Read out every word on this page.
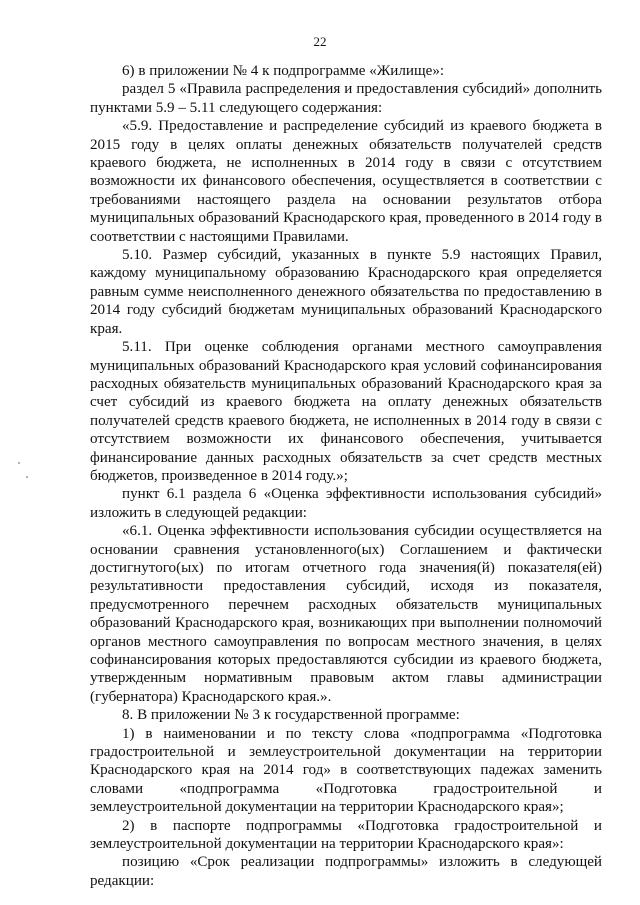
22

6) в приложении № 4 к подпрограмме «Жилище»:

раздел 5 «Правила распределения и предоставления субсидий» дополнить пунктами 5.9 – 5.11 следующего содержания:

«5.9. Предоставление и распределение субсидий из краевого бюджета в 2015 году в целях оплаты денежных обязательств получателей средств краевого бюджета, не исполненных в 2014 году в связи с отсутствием возможности их финансового обеспечения, осуществляется в соответствии с требованиями настоящего раздела на основании результатов отбора муниципальных образований Краснодарского края, проведенного в 2014 году в соответствии с настоящими Правилами.

5.10. Размер субсидий, указанных в пункте 5.9 настоящих Правил, каждому муниципальному образованию Краснодарского края определяется равным сумме неисполненного денежного обязательства по предоставлению в 2014 году субсидий бюджетам муниципальных образований Краснодарского края.

5.11. При оценке соблюдения органами местного самоуправления муниципальных образований Краснодарского края условий софинансирования расходных обязательств муниципальных образований Краснодарского края за счет субсидий из краевого бюджета на оплату денежных обязательств получателей средств краевого бюджета, не исполненных в 2014 году в связи с отсутствием возможности их финансового обеспечения, учитывается финансирование данных расходных обязательств за счет средств местных бюджетов, произведенное в 2014 году.»;

пункт 6.1 раздела 6 «Оценка эффективности использования субсидий» изложить в следующей редакции:

«6.1. Оценка эффективности использования субсидии осуществляется на основании сравнения установленного(ых) Соглашением и фактически достигнутого(ых) по итогам отчетного года значения(й) показателя(ей) результативности предоставления субсидий, исходя из показателя, предусмотренного перечнем расходных обязательств муниципальных образований Краснодарского края, возникающих при выполнении полномочий органов местного самоуправления по вопросам местного значения, в целях софинансирования которых предоставляются субсидии из краевого бюджета, утвержденным нормативным правовым актом главы администрации (губернатора) Краснодарского края.».

8. В приложении № 3 к государственной программе:

1) в наименовании и по тексту слова «подпрограмма «Подготовка градостроительной и землеустроительной документации на территории Краснодарского края на 2014 год» в соответствующих падежах заменить словами «подпрограмма «Подготовка градостроительной и землеустроительной документации на территории Краснодарского края»;

2) в паспорте подпрограммы «Подготовка градостроительной и землеустроительной документации на территории Краснодарского края»:

позицию «Срок реализации подпрограммы» изложить в следующей редакции:
